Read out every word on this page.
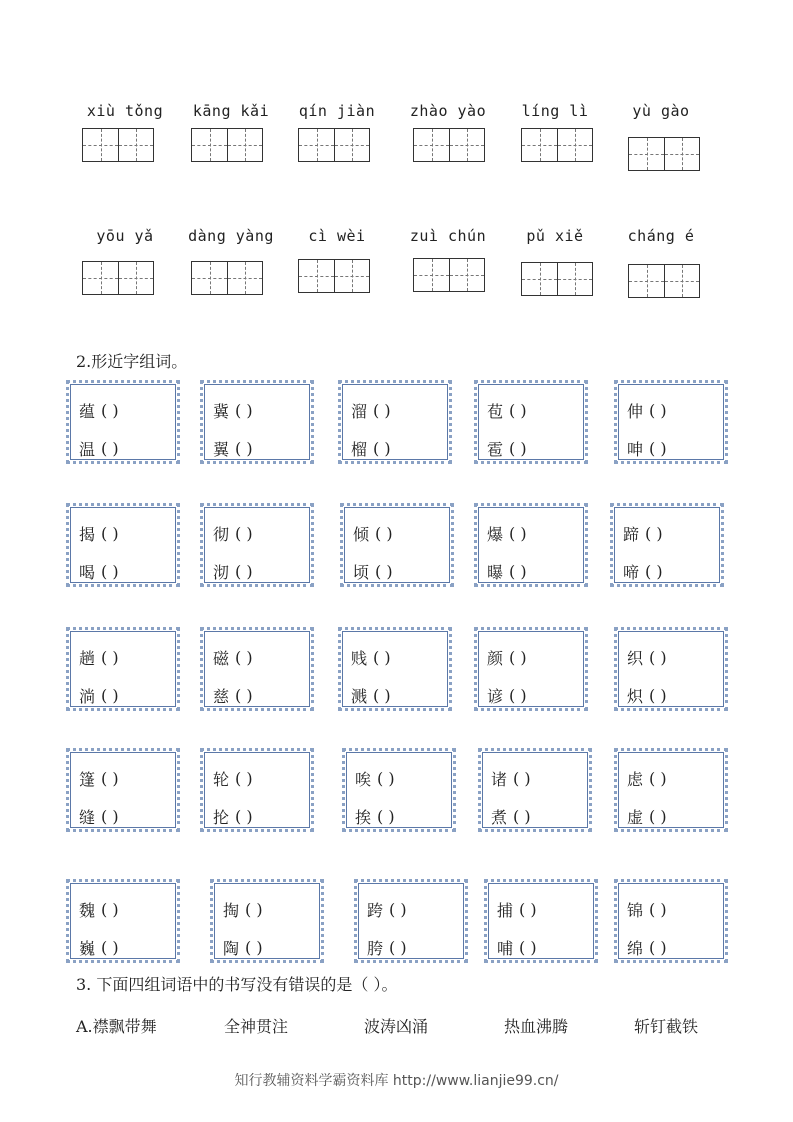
xiù tǒng	kāng kǎi	qín jiàn	zhào yào	líng lì	yù gào
yōu yǎ	dàng yàng	cì wèi	zuì chún	pǔ xiě	cháng é
2.形近字组词。
蕴 ( )
温 ( )
冀 ( )
翼 ( )
溜 ( )
榴 ( )
苞 ( )
雹 ( )
伸 ( )
呻 ( )
揭 ( )
喝 ( )
彻 ( )
沏 ( )
倾 ( )
顷 ( )
爆 ( )
曝 ( )
蹄 ( )
啼 ( )
趟 ( )
淌 ( )
磁 ( )
慈 ( )
贱 ( )
溅 ( )
颜 ( )
谚 ( )
织 ( )
炽 ( )
篷 ( )
缝 ( )
轮 ( )
抡 ( )
唉 ( )
挨 ( )
诸 ( )
煮 ( )
虑 ( )
虚 ( )
魏 ( )
巍 ( )
掏 ( )
陶 ( )
跨 ( )
胯 ( )
捕 ( )
哺 ( )
锦 ( )
绵 ( )
3. 下面四组词语中的书写没有错误的是（ ）。
A.襟飘带舞	全神贯注	波涛凶涌	热血沸腾	斩钉截铁
知行教辅资料学霸资料库 http://www.lianjie99.cn/
